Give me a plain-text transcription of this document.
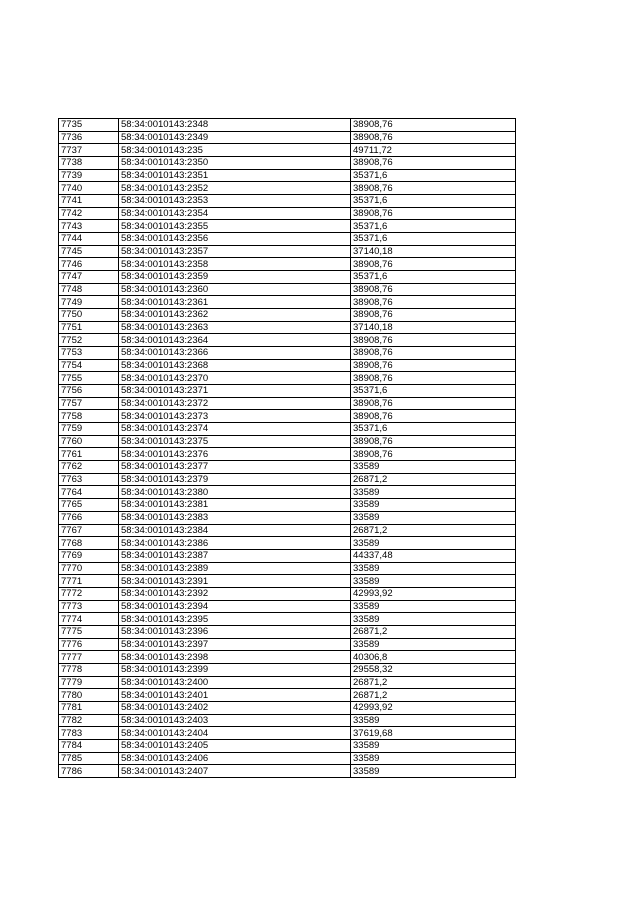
7735	58:34:0010143:2348	38908,76
7736	58:34:0010143:2349	38908,76
7737	58:34:0010143:235	49711,72
7738	58:34:0010143:2350	38908,76
7739	58:34:0010143:2351	35371,6
7740	58:34:0010143:2352	38908,76
7741	58:34:0010143:2353	35371,6
7742	58:34:0010143:2354	38908,76
7743	58:34:0010143:2355	35371,6
7744	58:34:0010143:2356	35371,6
7745	58:34:0010143:2357	37140,18
7746	58:34:0010143:2358	38908,76
7747	58:34:0010143:2359	35371,6
7748	58:34:0010143:2360	38908,76
7749	58:34:0010143:2361	38908,76
7750	58:34:0010143:2362	38908,76
7751	58:34:0010143:2363	37140,18
7752	58:34:0010143:2364	38908,76
7753	58:34:0010143:2366	38908,76
7754	58:34:0010143:2368	38908,76
7755	58:34:0010143:2370	38908,76
7756	58:34:0010143:2371	35371,6
7757	58:34:0010143:2372	38908,76
7758	58:34:0010143:2373	38908,76
7759	58:34:0010143:2374	35371,6
7760	58:34:0010143:2375	38908,76
7761	58:34:0010143:2376	38908,76
7762	58:34:0010143:2377	33589
7763	58:34:0010143:2379	26871,2
7764	58:34:0010143:2380	33589
7765	58:34:0010143:2381	33589
7766	58:34:0010143:2383	33589
7767	58:34:0010143:2384	26871,2
7768	58:34:0010143:2386	33589
7769	58:34:0010143:2387	44337,48
7770	58:34:0010143:2389	33589
7771	58:34:0010143:2391	33589
7772	58:34:0010143:2392	42993,92
7773	58:34:0010143:2394	33589
7774	58:34:0010143:2395	33589
7775	58:34:0010143:2396	26871,2
7776	58:34:0010143:2397	33589
7777	58:34:0010143:2398	40306,8
7778	58:34:0010143:2399	29558,32
7779	58:34:0010143:2400	26871,2
7780	58:34:0010143:2401	26871,2
7781	58:34:0010143:2402	42993,92
7782	58:34:0010143:2403	33589
7783	58:34:0010143:2404	37619,68
7784	58:34:0010143:2405	33589
7785	58:34:0010143:2406	33589
7786	58:34:0010143:2407	33589
